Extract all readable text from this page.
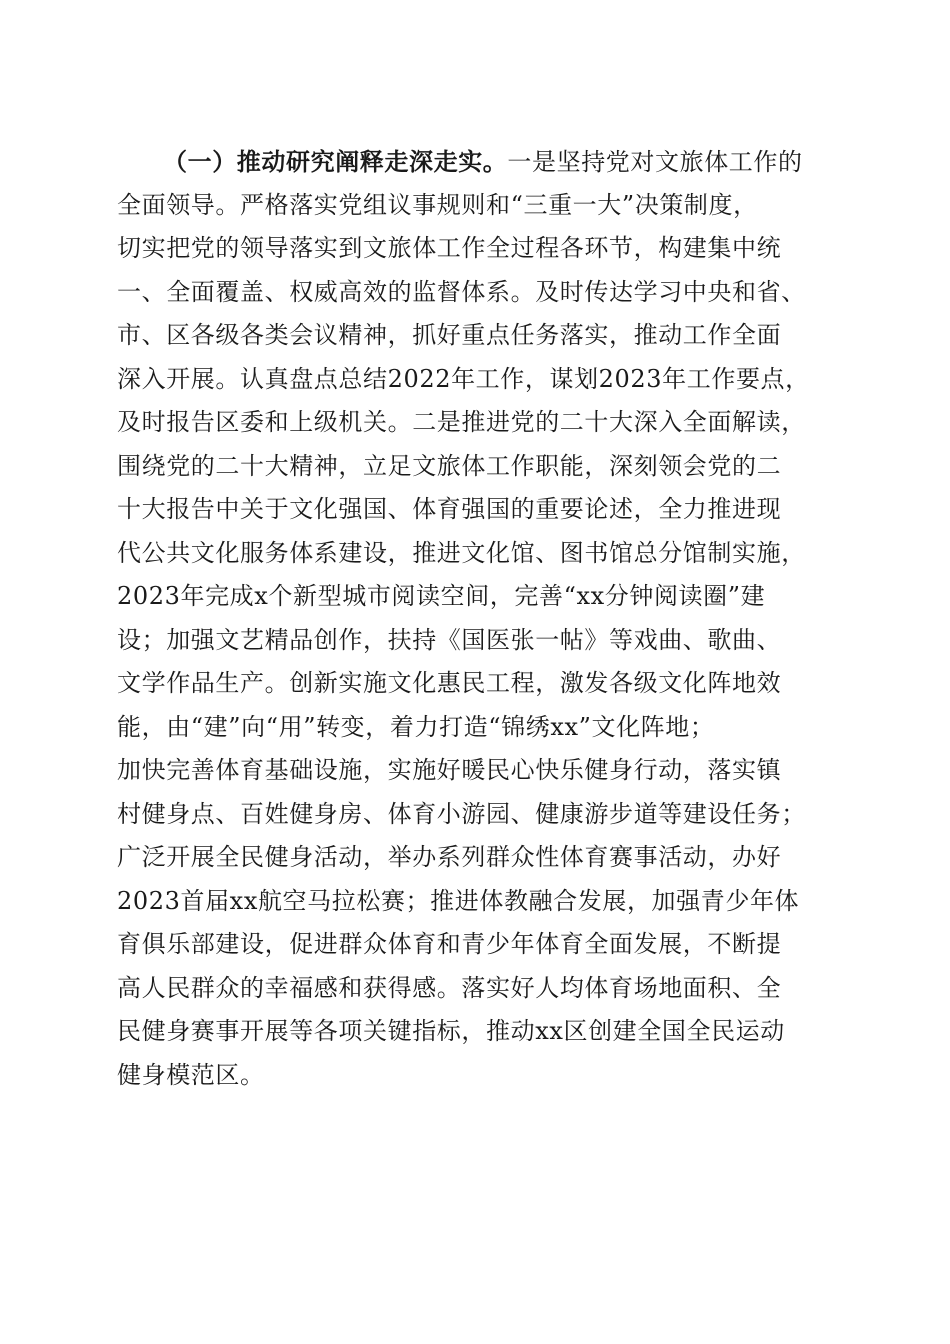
（一）推动研究阐释走深走实。一是坚持党对文旅体工作的
全面领导。严格落实党组议事规则和“三重一大”决策制度，
切实把党的领导落实到文旅体工作全过程各环节，构建集中统
一、全面覆盖、权威高效的监督体系。及时传达学习中央和省、
市、区各级各类会议精神，抓好重点任务落实，推动工作全面
深入开展。认真盘点总结2022年工作，谋划2023年工作要点，
及时报告区委和上级机关。二是推进党的二十大深入全面解读，
围绕党的二十大精神，立足文旅体工作职能，深刻领会党的二
十大报告中关于文化强国、体育强国的重要论述，全力推进现
代公共文化服务体系建设，推进文化馆、图书馆总分馆制实施，
2023年完成x个新型城市阅读空间，完善“xx分钟阅读圈”建
设；加强文艺精品创作，扶持《国医张一帖》等戏曲、歌曲、
文学作品生产。创新实施文化惠民工程，激发各级文化阵地效
能，由“建”向“用”转变，着力打造“锦绣xx”文化阵地；
加快完善体育基础设施，实施好暖民心快乐健身行动，落实镇
村健身点、百姓健身房、体育小游园、健康游步道等建设任务；
广泛开展全民健身活动，举办系列群众性体育赛事活动，办好
2023首届xx航空马拉松赛；推进体教融合发展，加强青少年体
育俱乐部建设，促进群众体育和青少年体育全面发展，不断提
高人民群众的幸福感和获得感。落实好人均体育场地面积、全
民健身赛事开展等各项关键指标，推动xx区创建全国全民运动
健身模范区。
